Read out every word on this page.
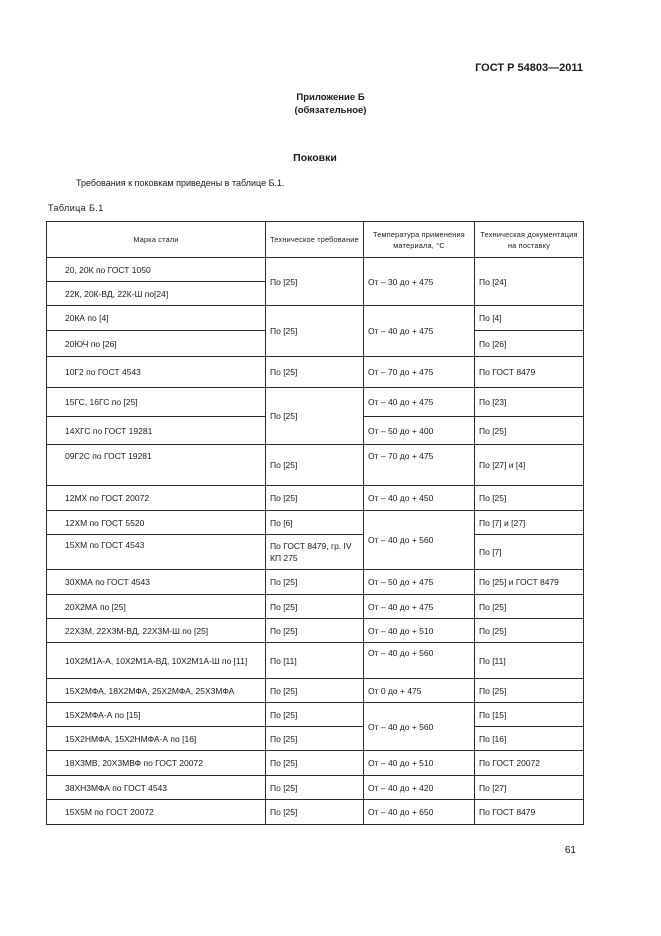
ГОСТ Р 54803—2011
Приложение Б
(обязательное)
Поковки
Требования к поковкам приведены в таблице Б.1.
Таблица Б.1
Марка стали	Техническое требование	Температура применения материала, °С	Техническая документация на поставку
20, 20К по ГОСТ 1050	По [25]	От – 30 до + 475	По [24]
22К, 20К-ВД, 22К-Ш по[24]			
20КА по [4]	По [25]	От – 40 до + 475	По [4]
20ЮЧ по [26]			По [26]
10Г2 по ГОСТ 4543	По [25]	От – 70 до + 475	По ГОСТ 8479
15ГС, 16ГС по [25]	По [25]	От – 40 до + 475	По [23]
14ХГС по ГОСТ 19281		От – 50 до + 400	По [25]
09Г2С по ГОСТ 19281	По [25]	От – 70 до + 475	По [27] и [4]
12МХ по ГОСТ 20072	По [25]	От – 40 до + 450	По [25]
12ХМ по ГОСТ 5520	По [6]	От – 40 до + 560	По [7] и [27]
15ХМ по ГОСТ 4543	По ГОСТ 8479, гр. IV КП 275		По [7]
30ХМА по ГОСТ 4543	По [25]	От – 50 до + 475	По [25] и ГОСТ 8479
20Х2МА по [25]	По [25]	От – 40 до + 475	По [25]
22Х3М, 22Х3М-ВД, 22Х3М-Ш по [25]	По [25]	От – 40 до + 510	По [25]
10Х2М1А-А, 10Х2М1А-ВД, 10Х2М1А-Ш по [11]	По [11]	От – 40 до + 560	По [11]
15Х2МФА, 18Х2МФА, 25Х2МФА, 25Х3МФА	По [25]	От 0 до + 475	По [25]
15Х2МФА-А по [15]	По [25]	От – 40 до + 560	По [15]
15Х2НМФА, 15Х2НМФА-А по [16]	По [25]		По [16]
18Х3МВ, 20Х3МВФ по ГОСТ 20072	По [25]	От – 40 до + 510	По ГОСТ 20072
38ХН3МФА по ГОСТ 4543	По [25]	От – 40 до + 420	По [27]
15Х5М по ГОСТ 20072	По [25]	От – 40 до + 650	По ГОСТ 8479
61
